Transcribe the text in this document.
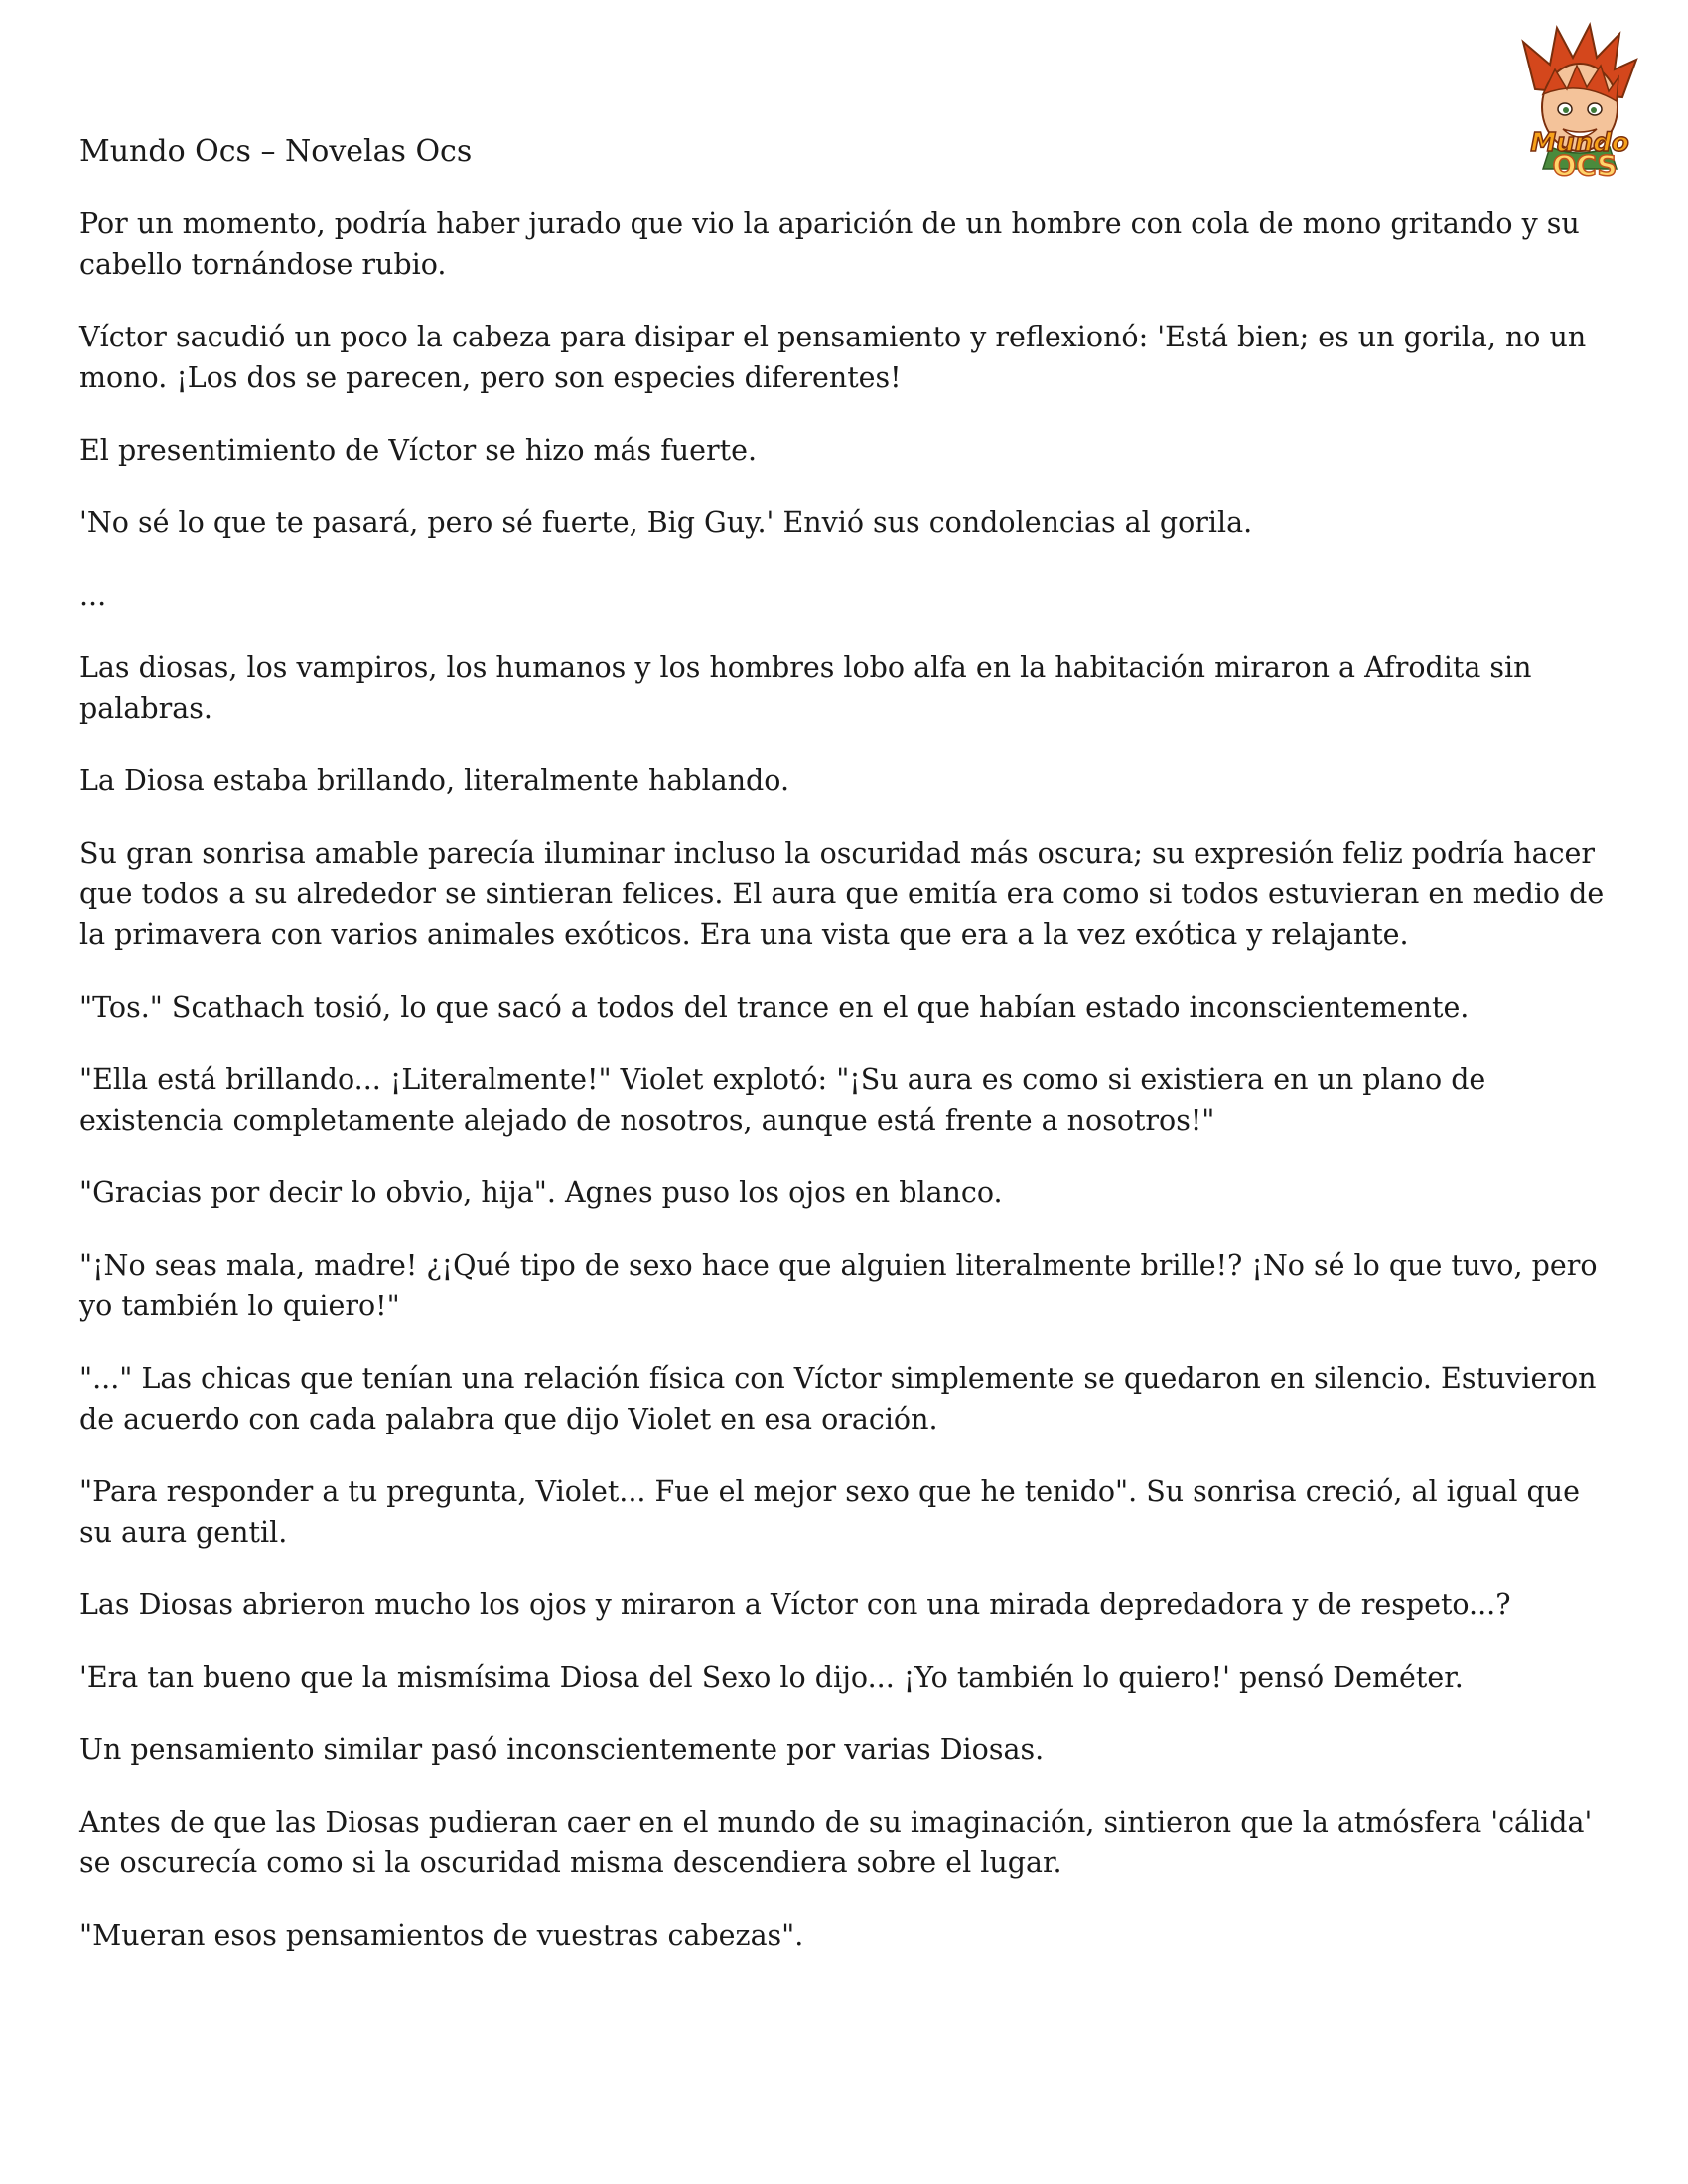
Mundo
OCS
Mundo Ocs – Novelas Ocs

Por un momento, podría haber jurado que vio la aparición de un hombre con cola de mono gritando y su cabello tornándose rubio.

Víctor sacudió un poco la cabeza para disipar el pensamiento y reflexionó: 'Está bien; es un gorila, no un mono. ¡Los dos se parecen, pero son especies diferentes!

El presentimiento de Víctor se hizo más fuerte.

'No sé lo que te pasará, pero sé fuerte, Big Guy.' Envió sus condolencias al gorila.

...

Las diosas, los vampiros, los humanos y los hombres lobo alfa en la habitación miraron a Afrodita sin palabras.

La Diosa estaba brillando, literalmente hablando.

Su gran sonrisa amable parecía iluminar incluso la oscuridad más oscura; su expresión feliz podría hacer que todos a su alrededor se sintieran felices. El aura que emitía era como si todos estuvieran en medio de la primavera con varios animales exóticos. Era una vista que era a la vez exótica y relajante.

"Tos." Scathach tosió, lo que sacó a todos del trance en el que habían estado inconscientemente.

"Ella está brillando... ¡Literalmente!" Violet explotó: "¡Su aura es como si existiera en un plano de existencia completamente alejado de nosotros, aunque está frente a nosotros!"

"Gracias por decir lo obvio, hija". Agnes puso los ojos en blanco.

"¡No seas mala, madre! ¿¡Qué tipo de sexo hace que alguien literalmente brille!? ¡No sé lo que tuvo, pero yo también lo quiero!"

"..." Las chicas que tenían una relación física con Víctor simplemente se quedaron en silencio. Estuvieron de acuerdo con cada palabra que dijo Violet en esa oración.

"Para responder a tu pregunta, Violet... Fue el mejor sexo que he tenido". Su sonrisa creció, al igual que su aura gentil.

Las Diosas abrieron mucho los ojos y miraron a Víctor con una mirada depredadora y de respeto...?

'Era tan bueno que la mismísima Diosa del Sexo lo dijo... ¡Yo también lo quiero!' pensó Deméter.

Un pensamiento similar pasó inconscientemente por varias Diosas.

Antes de que las Diosas pudieran caer en el mundo de su imaginación, sintieron que la atmósfera 'cálida' se oscurecía como si la oscuridad misma descendiera sobre el lugar.

"Mueran esos pensamientos de vuestras cabezas".
